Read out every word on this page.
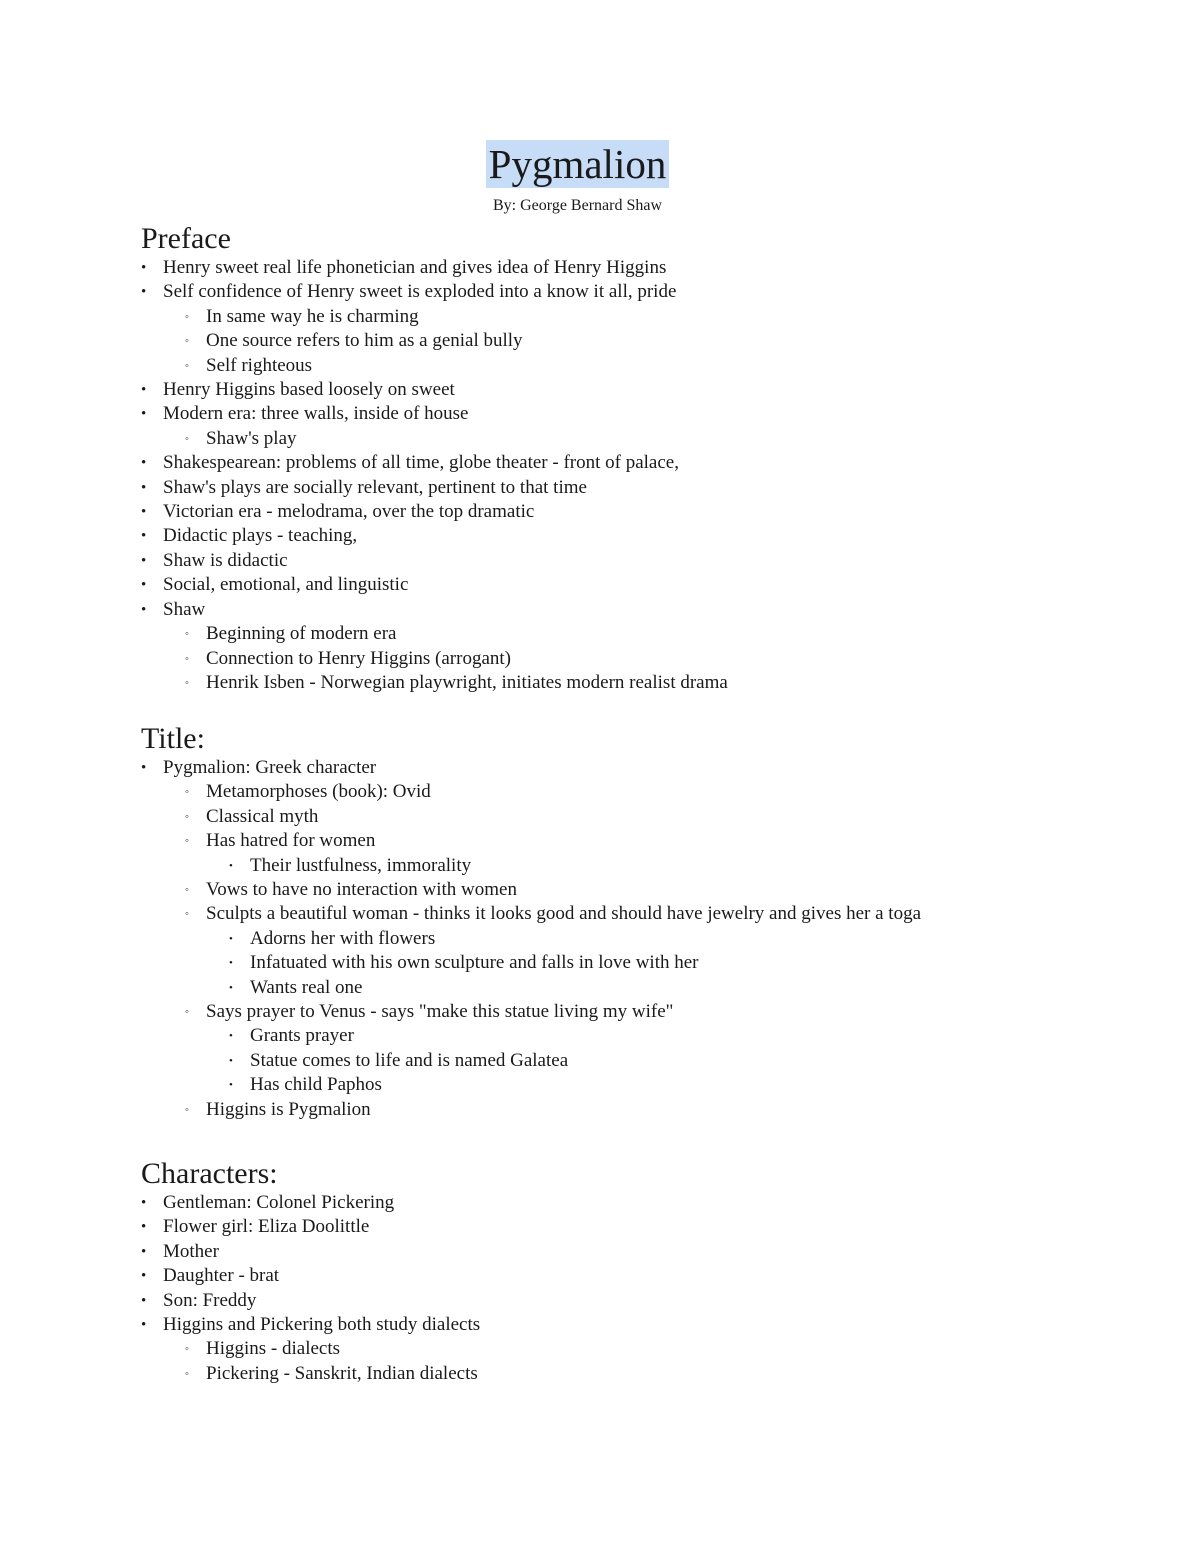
Pygmalion
By: George Bernard Shaw
Preface
• Henry sweet real life phonetician and gives idea of Henry Higgins
• Self confidence of Henry sweet is exploded into a know it all, pride
◦ In same way he is charming
◦ One source refers to him as a genial bully
◦ Self righteous
• Henry Higgins based loosely on sweet
• Modern era: three walls, inside of house
◦ Shaw's play
• Shakespearean: problems of all time, globe theater - front of palace,
• Shaw's plays are socially relevant, pertinent to that time
• Victorian era - melodrama, over the top dramatic
• Didactic plays - teaching,
• Shaw is didactic
• Social, emotional, and linguistic
• Shaw
◦ Beginning of modern era
◦ Connection to Henry Higgins (arrogant)
◦ Henrik Isben - Norwegian playwright, initiates modern realist drama
Title:
• Pygmalion: Greek character
◦ Metamorphoses (book): Ovid
◦ Classical myth
◦ Has hatred for women
• Their lustfulness, immorality
◦ Vows to have no interaction with women
◦ Sculpts a beautiful woman - thinks it looks good and should have jewelry and gives her a toga
• Adorns her with flowers
• Infatuated with his own sculpture and falls in love with her
• Wants real one
◦ Says prayer to Venus - says "make this statue living my wife"
• Grants prayer
• Statue comes to life and is named Galatea
• Has child Paphos
◦ Higgins is Pygmalion
Characters:
• Gentleman: Colonel Pickering
• Flower girl: Eliza Doolittle
• Mother
• Daughter - brat
• Son: Freddy
• Higgins and Pickering both study dialects
◦ Higgins - dialects
◦ Pickering - Sanskrit, Indian dialects
